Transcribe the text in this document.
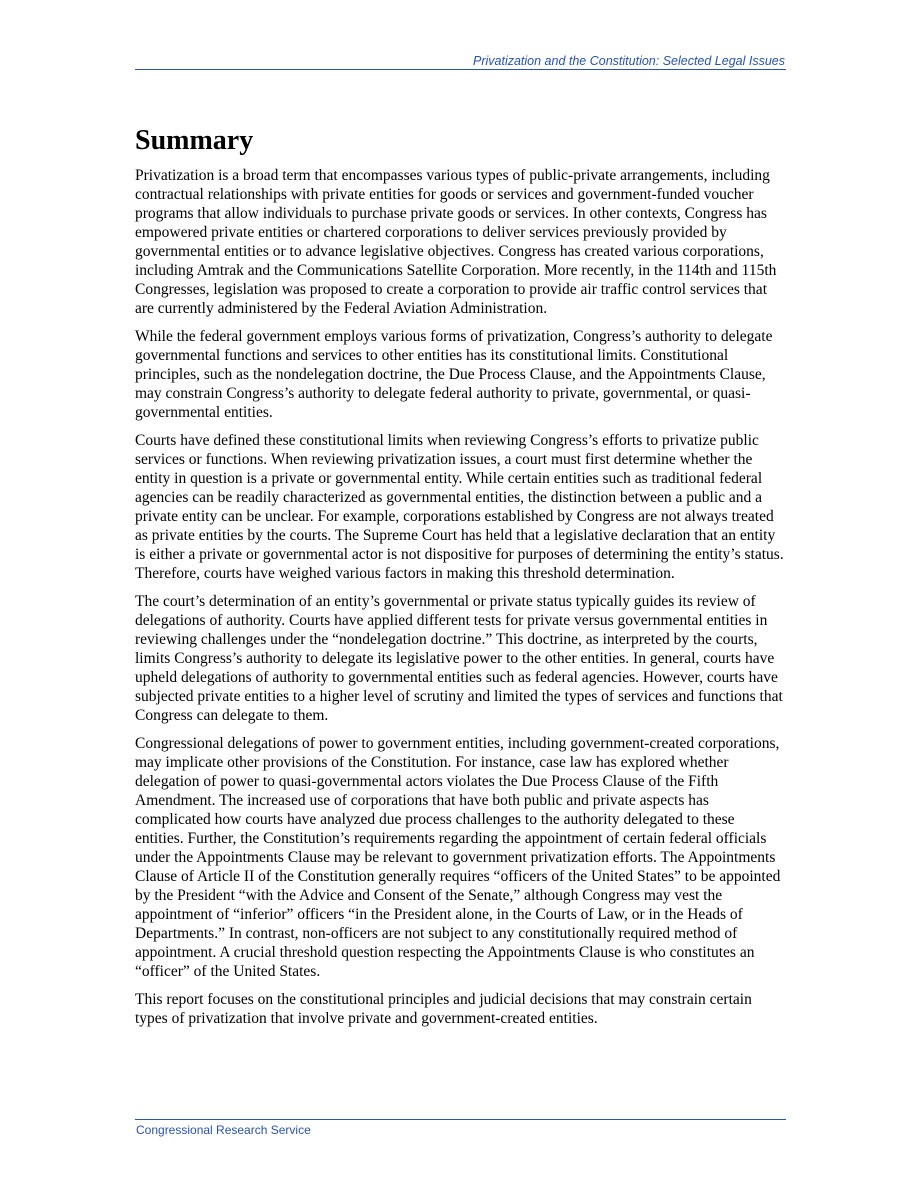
Privatization and the Constitution: Selected Legal Issues
Summary

Privatization is a broad term that encompasses various types of public-private arrangements, including contractual relationships with private entities for goods or services and government-funded voucher programs that allow individuals to purchase private goods or services. In other contexts, Congress has empowered private entities or chartered corporations to deliver services previously provided by governmental entities or to advance legislative objectives. Congress has created various corporations, including Amtrak and the Communications Satellite Corporation. More recently, in the 114th and 115th Congresses, legislation was proposed to create a corporation to provide air traffic control services that are currently administered by the Federal Aviation Administration.

While the federal government employs various forms of privatization, Congress’s authority to delegate governmental functions and services to other entities has its constitutional limits. Constitutional principles, such as the nondelegation doctrine, the Due Process Clause, and the Appointments Clause, may constrain Congress’s authority to delegate federal authority to private, governmental, or quasi-governmental entities.

Courts have defined these constitutional limits when reviewing Congress’s efforts to privatize public services or functions. When reviewing privatization issues, a court must first determine whether the entity in question is a private or governmental entity. While certain entities such as traditional federal agencies can be readily characterized as governmental entities, the distinction between a public and a private entity can be unclear. For example, corporations established by Congress are not always treated as private entities by the courts. The Supreme Court has held that a legislative declaration that an entity is either a private or governmental actor is not dispositive for purposes of determining the entity’s status. Therefore, courts have weighed various factors in making this threshold determination.

The court’s determination of an entity’s governmental or private status typically guides its review of delegations of authority. Courts have applied different tests for private versus governmental entities in reviewing challenges under the “nondelegation doctrine.” This doctrine, as interpreted by the courts, limits Congress’s authority to delegate its legislative power to the other entities. In general, courts have upheld delegations of authority to governmental entities such as federal agencies. However, courts have subjected private entities to a higher level of scrutiny and limited the types of services and functions that Congress can delegate to them.

Congressional delegations of power to government entities, including government-created corporations, may implicate other provisions of the Constitution. For instance, case law has explored whether delegation of power to quasi-governmental actors violates the Due Process Clause of the Fifth Amendment. The increased use of corporations that have both public and private aspects has complicated how courts have analyzed due process challenges to the authority delegated to these entities. Further, the Constitution’s requirements regarding the appointment of certain federal officials under the Appointments Clause may be relevant to government privatization efforts. The Appointments Clause of Article II of the Constitution generally requires “officers of the United States” to be appointed by the President “with the Advice and Consent of the Senate,” although Congress may vest the appointment of “inferior” officers “in the President alone, in the Courts of Law, or in the Heads of Departments.” In contrast, non-officers are not subject to any constitutionally required method of appointment. A crucial threshold question respecting the Appointments Clause is who constitutes an “officer” of the United States.

This report focuses on the constitutional principles and judicial decisions that may constrain certain types of privatization that involve private and government-created entities.

Congressional Research Service
